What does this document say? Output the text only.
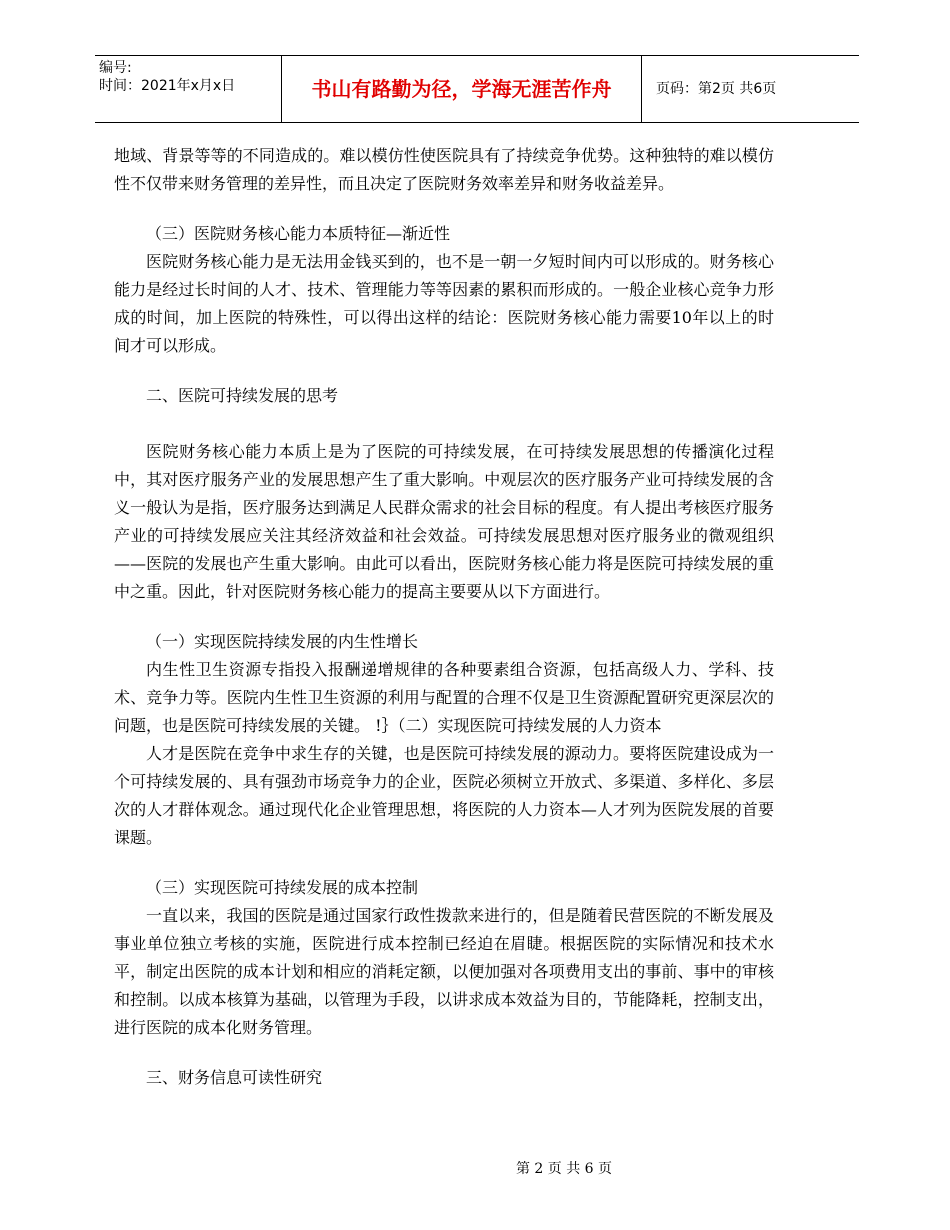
编号:
时间：2021年x月x日	书山有路勤为径，学海无涯苦作舟	页码：第2页 共6页

地域、背景等等的不同造成的。难以模仿性使医院具有了持续竞争优势。这种独特的难以模仿性不仅带来财务管理的差异性，而且决定了医院财务效率差异和财务收益差异。

（三）医院财务核心能力本质特征—渐近性

医院财务核心能力是无法用金钱买到的，也不是一朝一夕短时间内可以形成的。财务核心能力是经过长时间的人才、技术、管理能力等等因素的累积而形成的。一般企业核心竞争力形成的时间，加上医院的特殊性，可以得出这样的结论：医院财务核心能力需要10年以上的时间才可以形成。

二、医院可持续发展的思考

医院财务核心能力本质上是为了医院的可持续发展，在可持续发展思想的传播演化过程中，其对医疗服务产业的发展思想产生了重大影响。中观层次的医疗服务产业可持续发展的含义一般认为是指，医疗服务达到满足人民群众需求的社会目标的程度。有人提出考核医疗服务产业的可持续发展应关注其经济效益和社会效益。可持续发展思想对医疗服务业的微观组织——医院的发展也产生重大影响。由此可以看出，医院财务核心能力将是医院可持续发展的重中之重。因此，针对医院财务核心能力的提高主要要从以下方面进行。

（一）实现医院持续发展的内生性增长

内生性卫生资源专指投入报酬递增规律的各种要素组合资源，包括高级人力、学科、技术、竞争力等。医院内生性卫生资源的利用与配置的合理不仅是卫生资源配置研究更深层次的问题，也是医院可持续发展的关键。 !｝（二）实现医院可持续发展的人力资本

人才是医院在竞争中求生存的关键，也是医院可持续发展的源动力。要将医院建设成为一个可持续发展的、具有强劲市场竞争力的企业，医院必须树立开放式、多渠道、多样化、多层次的人才群体观念。通过现代化企业管理思想，将医院的人力资本—人才列为医院发展的首要课题。

（三）实现医院可持续发展的成本控制

一直以来，我国的医院是通过国家行政性拨款来进行的，但是随着民营医院的不断发展及事业单位独立考核的实施，医院进行成本控制已经迫在眉睫。根据医院的实际情况和技术水平，制定出医院的成本计划和相应的消耗定额，以便加强对各项费用支出的事前、事中的审核和控制。以成本核算为基础，以管理为手段，以讲求成本效益为目的，节能降耗，控制支出，进行医院的成本化财务管理。

三、财务信息可读性研究

第 2 页 共 6 页
